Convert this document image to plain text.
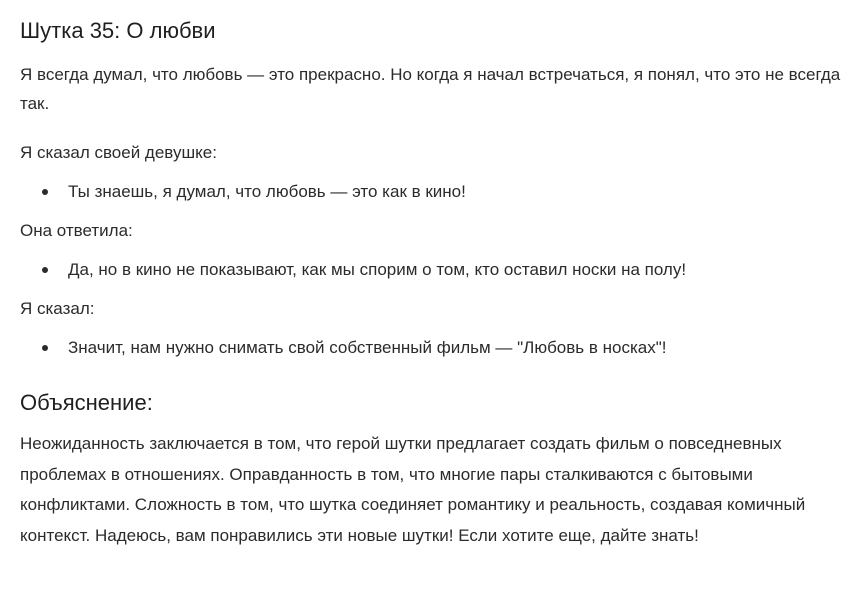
Шутка 35: О любви

Я всегда думал, что любовь — это прекрасно. Но когда я начал встречаться, я понял, что это не всегда так.

Я сказал своей девушке:

Ты знаешь, я думал, что любовь — это как в кино!

Она ответила:

Да, но в кино не показывают, как мы спорим о том, кто оставил носки на полу!

Я сказал:

Значит, нам нужно снимать свой собственный фильм — "Любовь в носках"!
Объяснение:

Неожиданность заключается в том, что герой шутки предлагает создать фильм о повседневных проблемах в отношениях. Оправданность в том, что многие пары сталкиваются с бытовыми конфликтами. Сложность в том, что шутка соединяет романтику и реальность, создавая комичный контекст. Надеюсь, вам понравились эти новые шутки! Если хотите еще, дайте знать!
